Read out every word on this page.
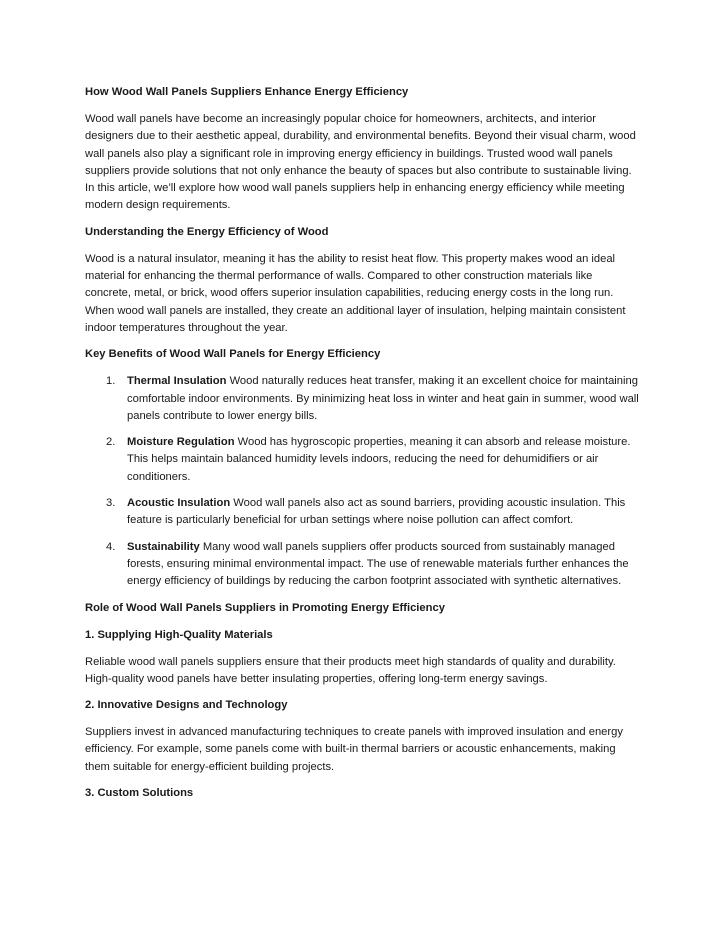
How Wood Wall Panels Suppliers Enhance Energy Efficiency

Wood wall panels have become an increasingly popular choice for homeowners, architects, and interior designers due to their aesthetic appeal, durability, and environmental benefits. Beyond their visual charm, wood wall panels also play a significant role in improving energy efficiency in buildings. Trusted wood wall panels suppliers provide solutions that not only enhance the beauty of spaces but also contribute to sustainable living. In this article, we’ll explore how wood wall panels suppliers help in enhancing energy efficiency while meeting modern design requirements.

Understanding the Energy Efficiency of Wood

Wood is a natural insulator, meaning it has the ability to resist heat flow. This property makes wood an ideal material for enhancing the thermal performance of walls. Compared to other construction materials like concrete, metal, or brick, wood offers superior insulation capabilities, reducing energy costs in the long run. When wood wall panels are installed, they create an additional layer of insulation, helping maintain consistent indoor temperatures throughout the year.

Key Benefits of Wood Wall Panels for Energy Efficiency
1. Thermal Insulation Wood naturally reduces heat transfer, making it an excellent choice for maintaining comfortable indoor environments. By minimizing heat loss in winter and heat gain in summer, wood wall panels contribute to lower energy bills.
2. Moisture Regulation Wood has hygroscopic properties, meaning it can absorb and release moisture. This helps maintain balanced humidity levels indoors, reducing the need for dehumidifiers or air conditioners.
3. Acoustic Insulation Wood wall panels also act as sound barriers, providing acoustic insulation. This feature is particularly beneficial for urban settings where noise pollution can affect comfort.
4. Sustainability Many wood wall panels suppliers offer products sourced from sustainably managed forests, ensuring minimal environmental impact. The use of renewable materials further enhances the energy efficiency of buildings by reducing the carbon footprint associated with synthetic alternatives.
Role of Wood Wall Panels Suppliers in Promoting Energy Efficiency
1. Supplying High-Quality Materials

Reliable wood wall panels suppliers ensure that their products meet high standards of quality and durability. High-quality wood panels have better insulating properties, offering long-term energy savings.

2. Innovative Designs and Technology

Suppliers invest in advanced manufacturing techniques to create panels with improved insulation and energy efficiency. For example, some panels come with built-in thermal barriers or acoustic enhancements, making them suitable for energy-efficient building projects.

3. Custom Solutions
